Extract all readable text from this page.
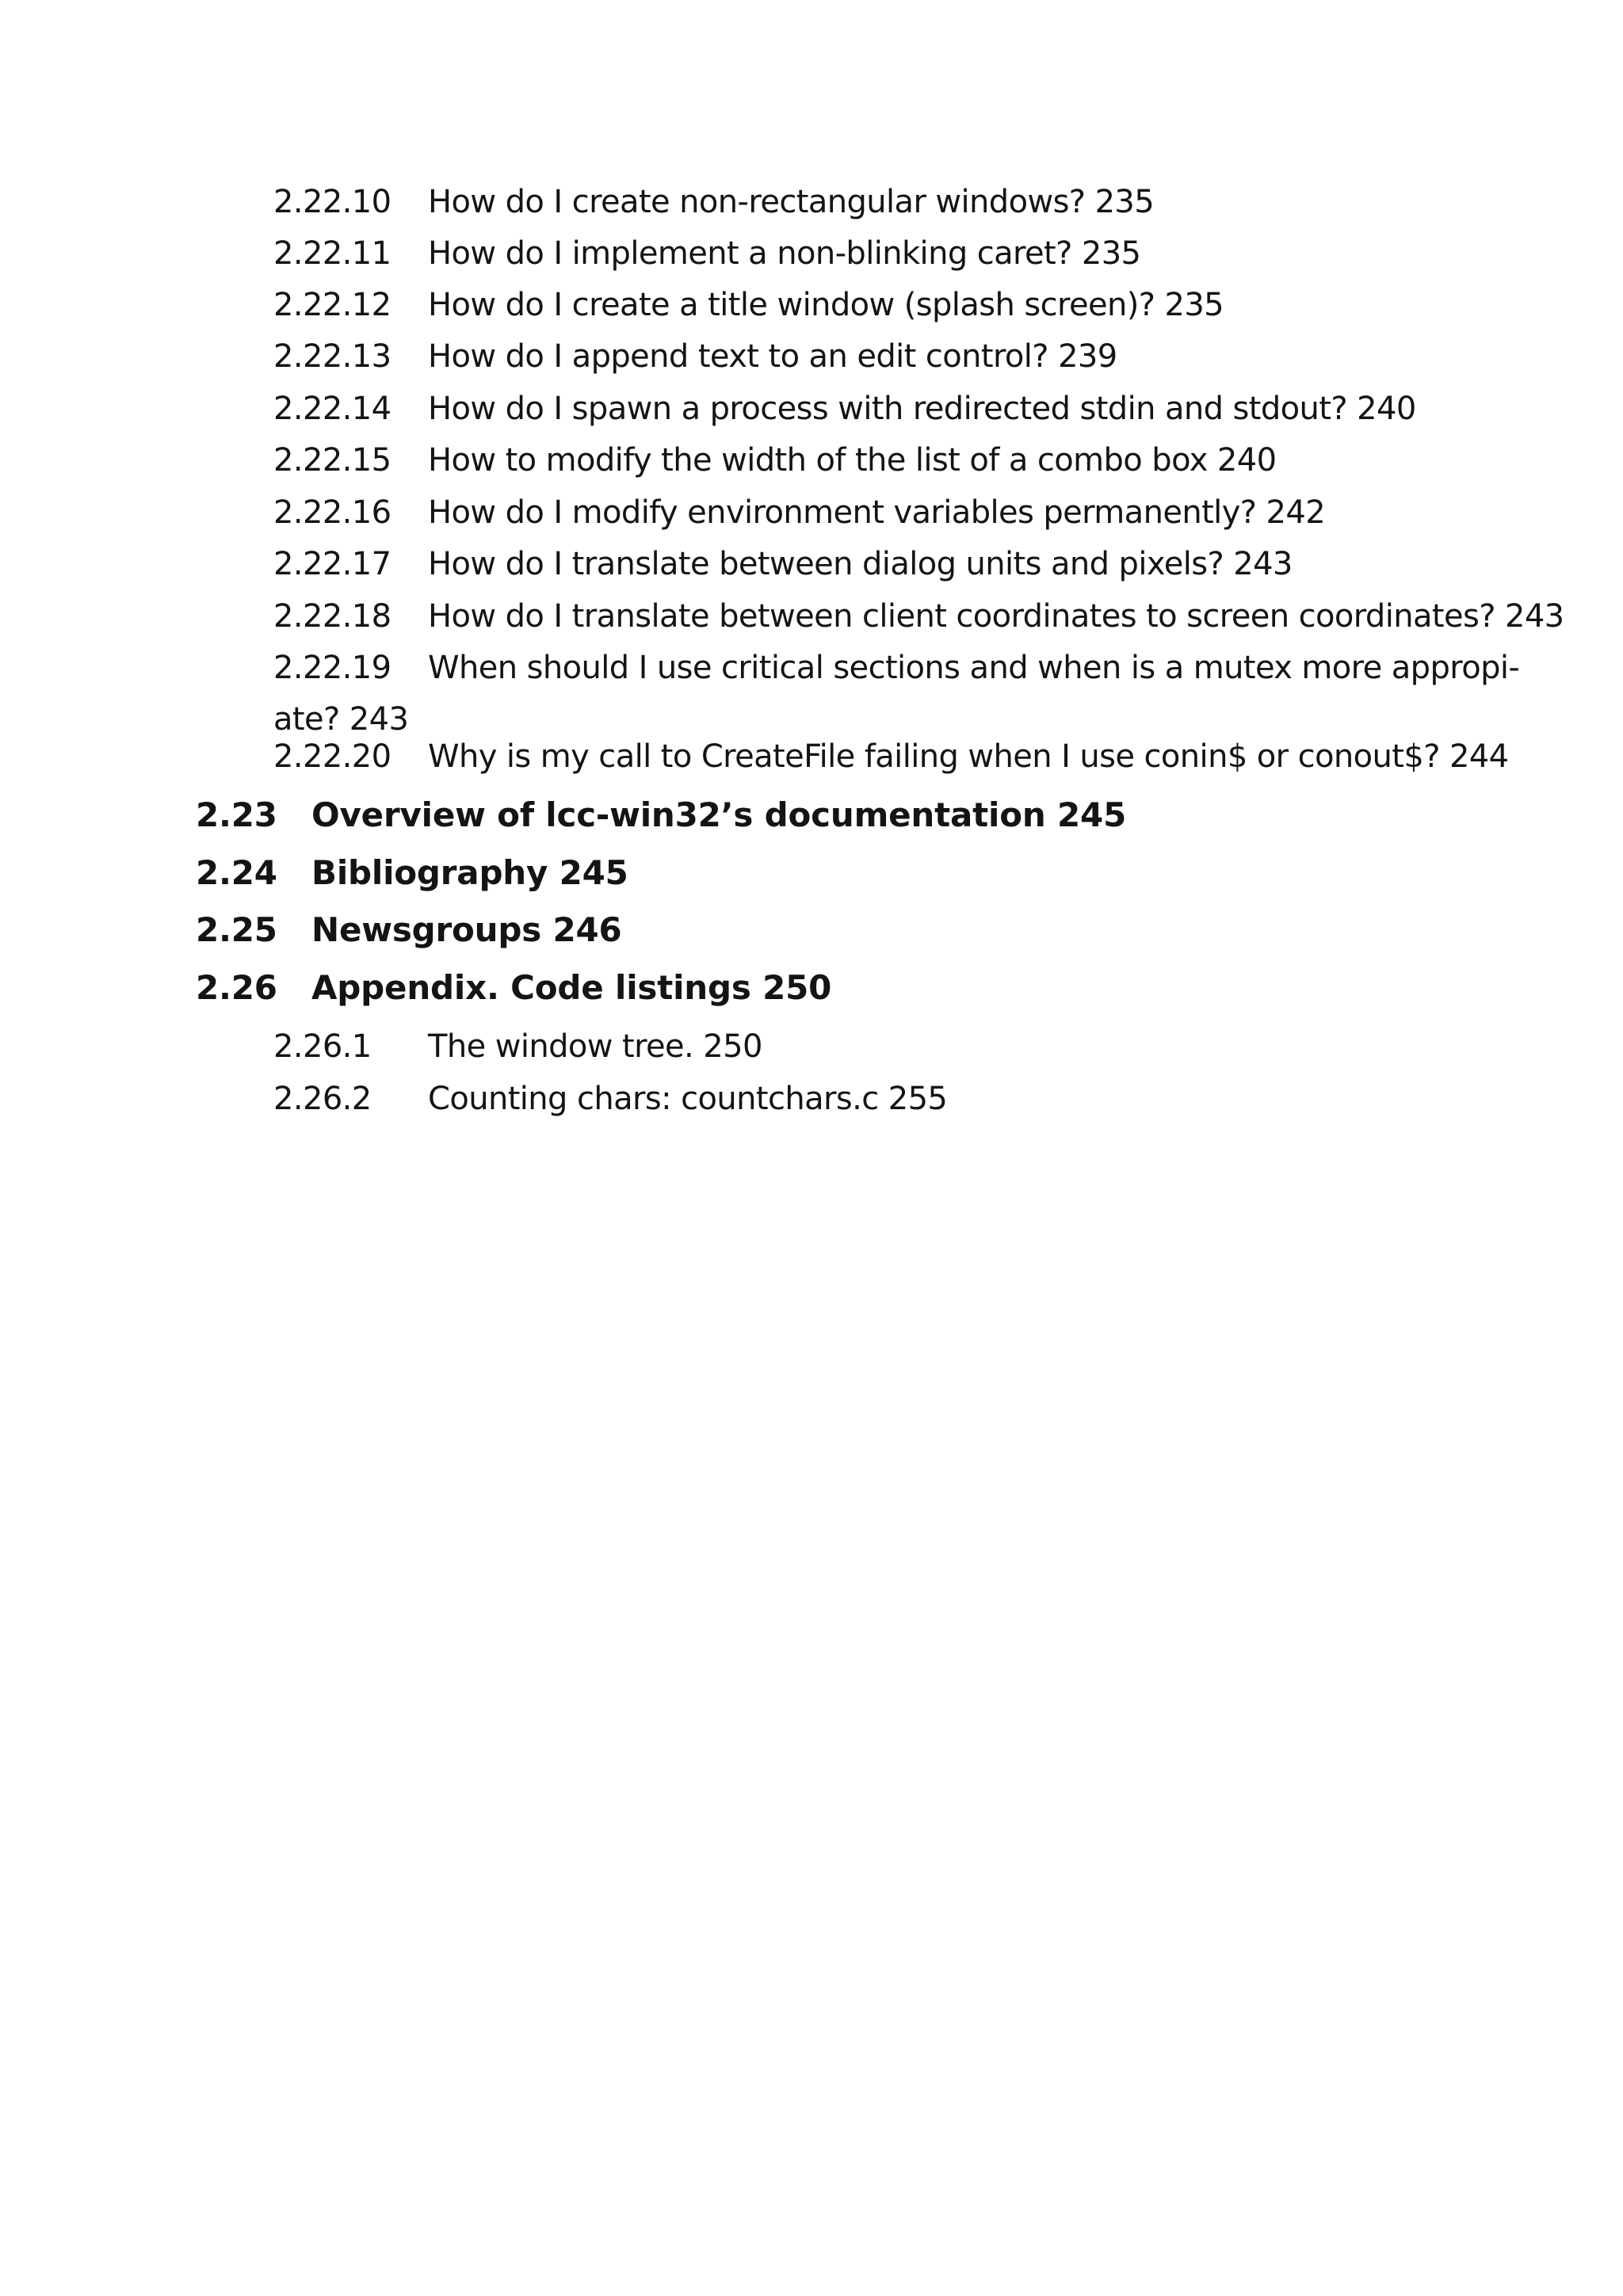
2.22.10 How do I create non-rectangular windows? 235
2.22.11 How do I implement a non-blinking caret? 235
2.22.12 How do I create a title window (splash screen)? 235
2.22.13 How do I append text to an edit control? 239
2.22.14 How do I spawn a process with redirected stdin and stdout? 240
2.22.15 How to modify the width of the list of a combo box 240
2.22.16 How do I modify environment variables permanently? 242
2.22.17 How do I translate between dialog units and pixels? 243
2.22.18 How do I translate between client coordinates to screen coordinates? 243
2.22.19 When should I use critical sections and when is a mutex more appropi-
ate? 243
2.22.20 Why is my call to CreateFile failing when I use conin$ or conout$? 244
2.23 Overview of lcc-win32’s documentation 245
2.24 Bibliography 245
2.25 Newsgroups 246
2.26 Appendix. Code listings 250
2.26.1 The window tree. 250
2.26.2 Counting chars: countchars.c 255
